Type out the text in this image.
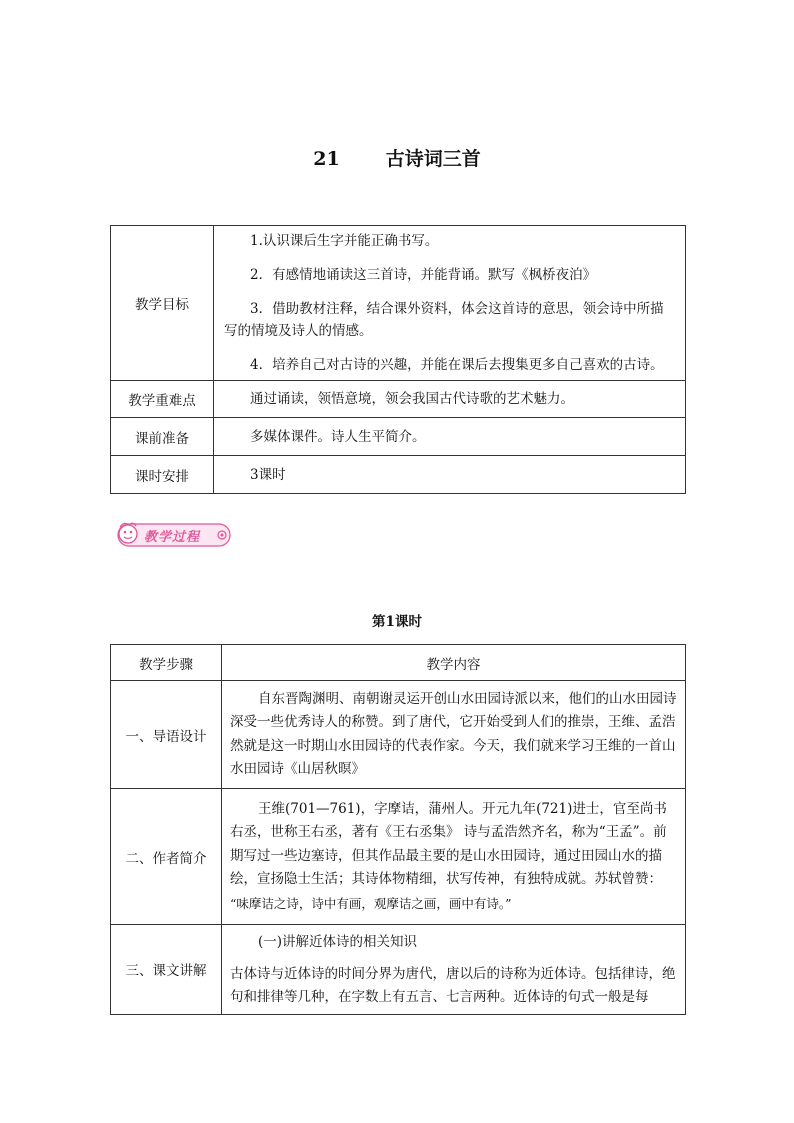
21 古诗词三首
教学目标	1.认识课后生字并能正确书写。

2．有感情地诵读这三首诗，并能背诵。默写《枫桥夜泊》

3．借助教材注释，结合课外资料，体会这首诗的意思，领会诗中所描写的情境及诗人的情感。

4．培养自己对古诗的兴趣，并能在课后去搜集更多自己喜欢的古诗。

教学重难点	通过诵读，领悟意境，领会我国古代诗歌的艺术魅力。
课前准备	多媒体课件。诗人生平简介。
课时安排	3课时
教学过程
第1课时
教学步骤	教学内容
一、导语设计	自东晋陶渊明、南朝谢灵运开创山水田园诗派以来，他们的山水田园诗深受一些优秀诗人的称赞。到了唐代，它开始受到人们的推崇，王维、孟浩然就是这一时期山水田园诗的代表作家。今天，我们就来学习王维的一首山水田园诗《山居秋暝》

二、作者简介	王维(701—761)，字摩诘，蒲州人。开元九年(721)进士，官至尚书右丞，世称王右丞，著有《王右丞集》 诗与孟浩然齐名，称为“王孟”。前期写过一些边塞诗，但其作品最主要的是山水田园诗，通过田园山水的描绘，宣扬隐士生活；其诗体物精细，状写传神，有独特成就。苏轼曾赞：

“味摩诘之诗，诗中有画，观摩诘之画，画中有诗。”

三、课文讲解	(一)讲解近体诗的相关知识

古体诗与近体诗的时间分界为唐代，唐以后的诗称为近体诗。包括律诗，绝句和排律等几种，在字数上有五言、七言两种。近体诗的句式一般是每
